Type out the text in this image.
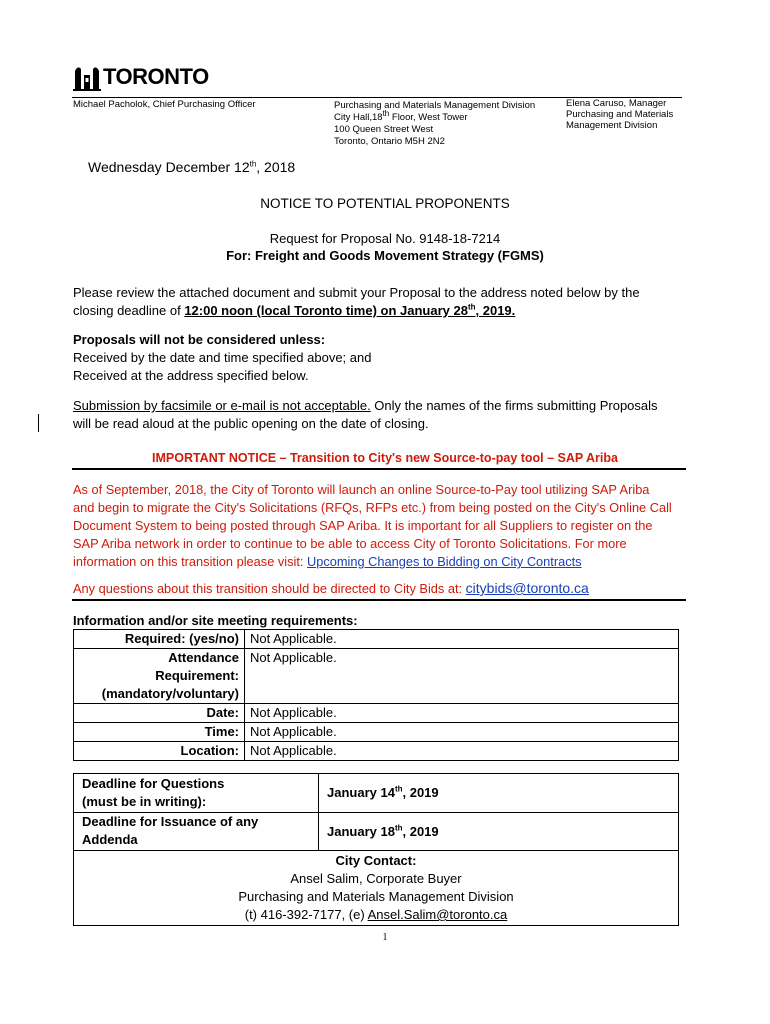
TORONTO
Michael Pacholok, Chief Purchasing Officer	Purchasing and Materials Management Division
City Hall,18th Floor, West Tower
100 Queen Street West
Toronto, Ontario M5H 2N2
Elena Caruso, Manager
Purchasing and Materials
Management Division
Wednesday December 12th, 2018
NOTICE TO POTENTIAL PROPONENTS
Request for Proposal No. 9148-18-7214
For: Freight and Goods Movement Strategy (FGMS)
Please review the attached document and submit your Proposal to the address noted below by the
closing deadline of 12:00 noon (local Toronto time) on January 28th, 2019.
Proposals will not be considered unless:
Received by the date and time specified above; and
Received at the address specified below.
Submission by facsimile or e-mail is not acceptable. Only the names of the firms submitting Proposals
will be read aloud at the public opening on the date of closing.
IMPORTANT NOTICE – Transition to City's new Source-to-pay tool – SAP Ariba
As of September, 2018, the City of Toronto will launch an online Source-to-Pay tool utilizing SAP Ariba
and begin to migrate the City's Solicitations (RFQs, RFPs etc.) from being posted on the City's Online Call
Document System to being posted through SAP Ariba. It is important for all Suppliers to register on the
SAP Ariba network in order to continue to be able to access City of Toronto Solicitations. For more
information on this transition please visit: Upcoming Changes to Bidding on City Contracts
Any questions about this transition should be directed to City Bids at: citybids@toronto.ca
Information and/or site meeting requirements:
Required: (yes/no)	Not Applicable.

Attendance
Requirement:
(mandatory/voluntary)	Not Applicable.
Date:	Not Applicable.
Time:	Not Applicable.
Location:	Not Applicable.
Deadline for Questions
(must be in writing):	January 14th, 2019

Deadline for Issuance of any
Addenda	January 18th, 2019

City Contact:
Ansel Salim, Corporate Buyer
Purchasing and Materials Management Division
(t) 416-392-7177, (e) Ansel.Salim@toronto.ca	
1
